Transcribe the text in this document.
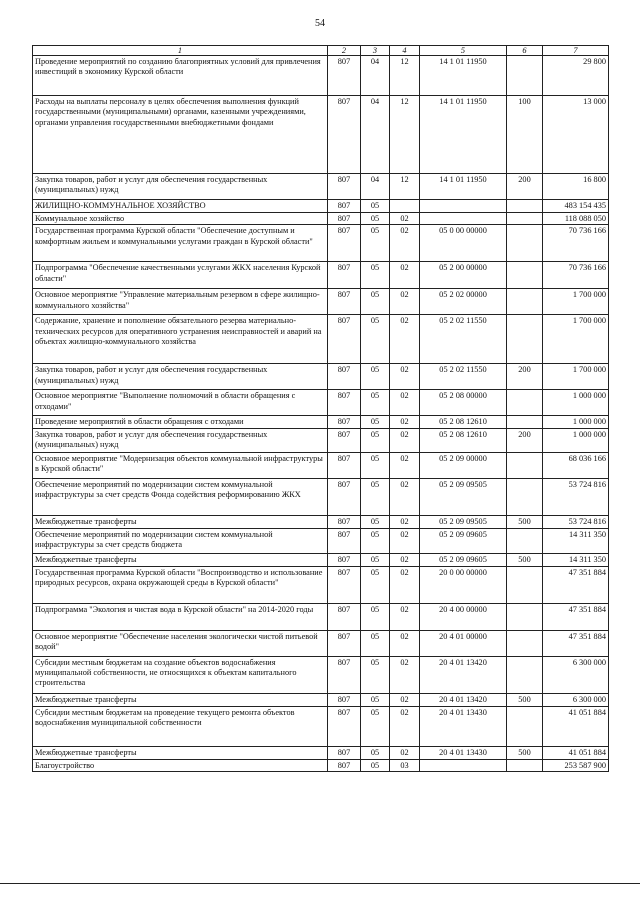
54
1	2	3	4	5	6	7
Проведение мероприятий по созданию благоприятных условий для привлечения инвестиций в экономику Курской области	807	04	12	14 1 01 11950		29 800
Расходы на выплаты персоналу в целях обеспечения выполнения функций государственными (муниципальными) органами, казенными учреждениями, органами управления государственными внебюджетными фондами	807	04	12	14 1 01 11950	100	13 000
Закупка товаров, работ и услуг для обеспечения государственных (муниципальных) нужд	807	04	12	14 1 01 11950	200	16 800
ЖИЛИЩНО-КОММУНАЛЬНОЕ ХОЗЯЙСТВО	807	05				483 154 435
Коммунальное хозяйство	807	05	02			118 088 050
Государственная программа Курской области "Обеспечение доступным и комфортным жильем и коммунальными услугами граждан в Курской области"	807	05	02	05 0 00 00000		70 736 166
Подпрограмма "Обеспечение качественными услугами ЖКХ населения Курской области"	807	05	02	05 2 00 00000		70 736 166
Основное мероприятие "Управление материальным резервом в сфере жилищно-коммунального хозяйства"	807	05	02	05 2 02 00000		1 700 000
Содержание, хранение и пополнение обязательного резерва материально-технических ресурсов для оперативного устранения неисправностей и аварий на объектах жилищно-коммунального хозяйства	807	05	02	05 2 02 11550		1 700 000
Закупка товаров, работ и услуг для обеспечения государственных (муниципальных) нужд	807	05	02	05 2 02 11550	200	1 700 000
Основное мероприятие "Выполнение полномочий в области обращения с отходами"	807	05	02	05 2 08 00000		1 000 000
Проведение мероприятий в области обращения с отходами	807	05	02	05 2 08 12610		1 000 000
Закупка товаров, работ и услуг для обеспечения государственных (муниципальных) нужд	807	05	02	05 2 08 12610	200	1 000 000
Основное мероприятие "Модернизация объектов коммунальной инфраструктуры в Курской области"	807	05	02	05 2 09 00000		68 036 166
Обеспечение мероприятий по модернизации систем коммунальной инфраструктуры за счет средств Фонда содействия реформированию ЖКХ	807	05	02	05 2 09 09505		53 724 816
Межбюджетные трансферты	807	05	02	05 2 09 09505	500	53 724 816
Обеспечение мероприятий по модернизации систем коммунальной инфраструктуры за счет средств бюджета	807	05	02	05 2 09 09605		14 311 350
Межбюджетные трансферты	807	05	02	05 2 09 09605	500	14 311 350
Государственная программа Курской области "Воспроизводство и использование природных ресурсов, охрана окружающей среды в Курской области"	807	05	02	20 0 00 00000		47 351 884
Подпрограмма "Экология и чистая вода в Курской области" на 2014-2020 годы	807	05	02	20 4 00 00000		47 351 884
Основное мероприятие "Обеспечение населения экологически чистой питьевой водой"	807	05	02	20 4 01 00000		47 351 884
Субсидии местным бюджетам на создание объектов водоснабжения муниципальной собственности, не относящихся к объектам капитального строительства	807	05	02	20 4 01 13420		6 300 000
Межбюджетные трансферты	807	05	02	20 4 01 13420	500	6 300 000
Субсидии местным бюджетам на проведение текущего ремонта объектов водоснабжения муниципальной собственности	807	05	02	20 4 01 13430		41 051 884
Межбюджетные трансферты	807	05	02	20 4 01 13430	500	41 051 884
Благоустройство	807	05	03			253 587 900
